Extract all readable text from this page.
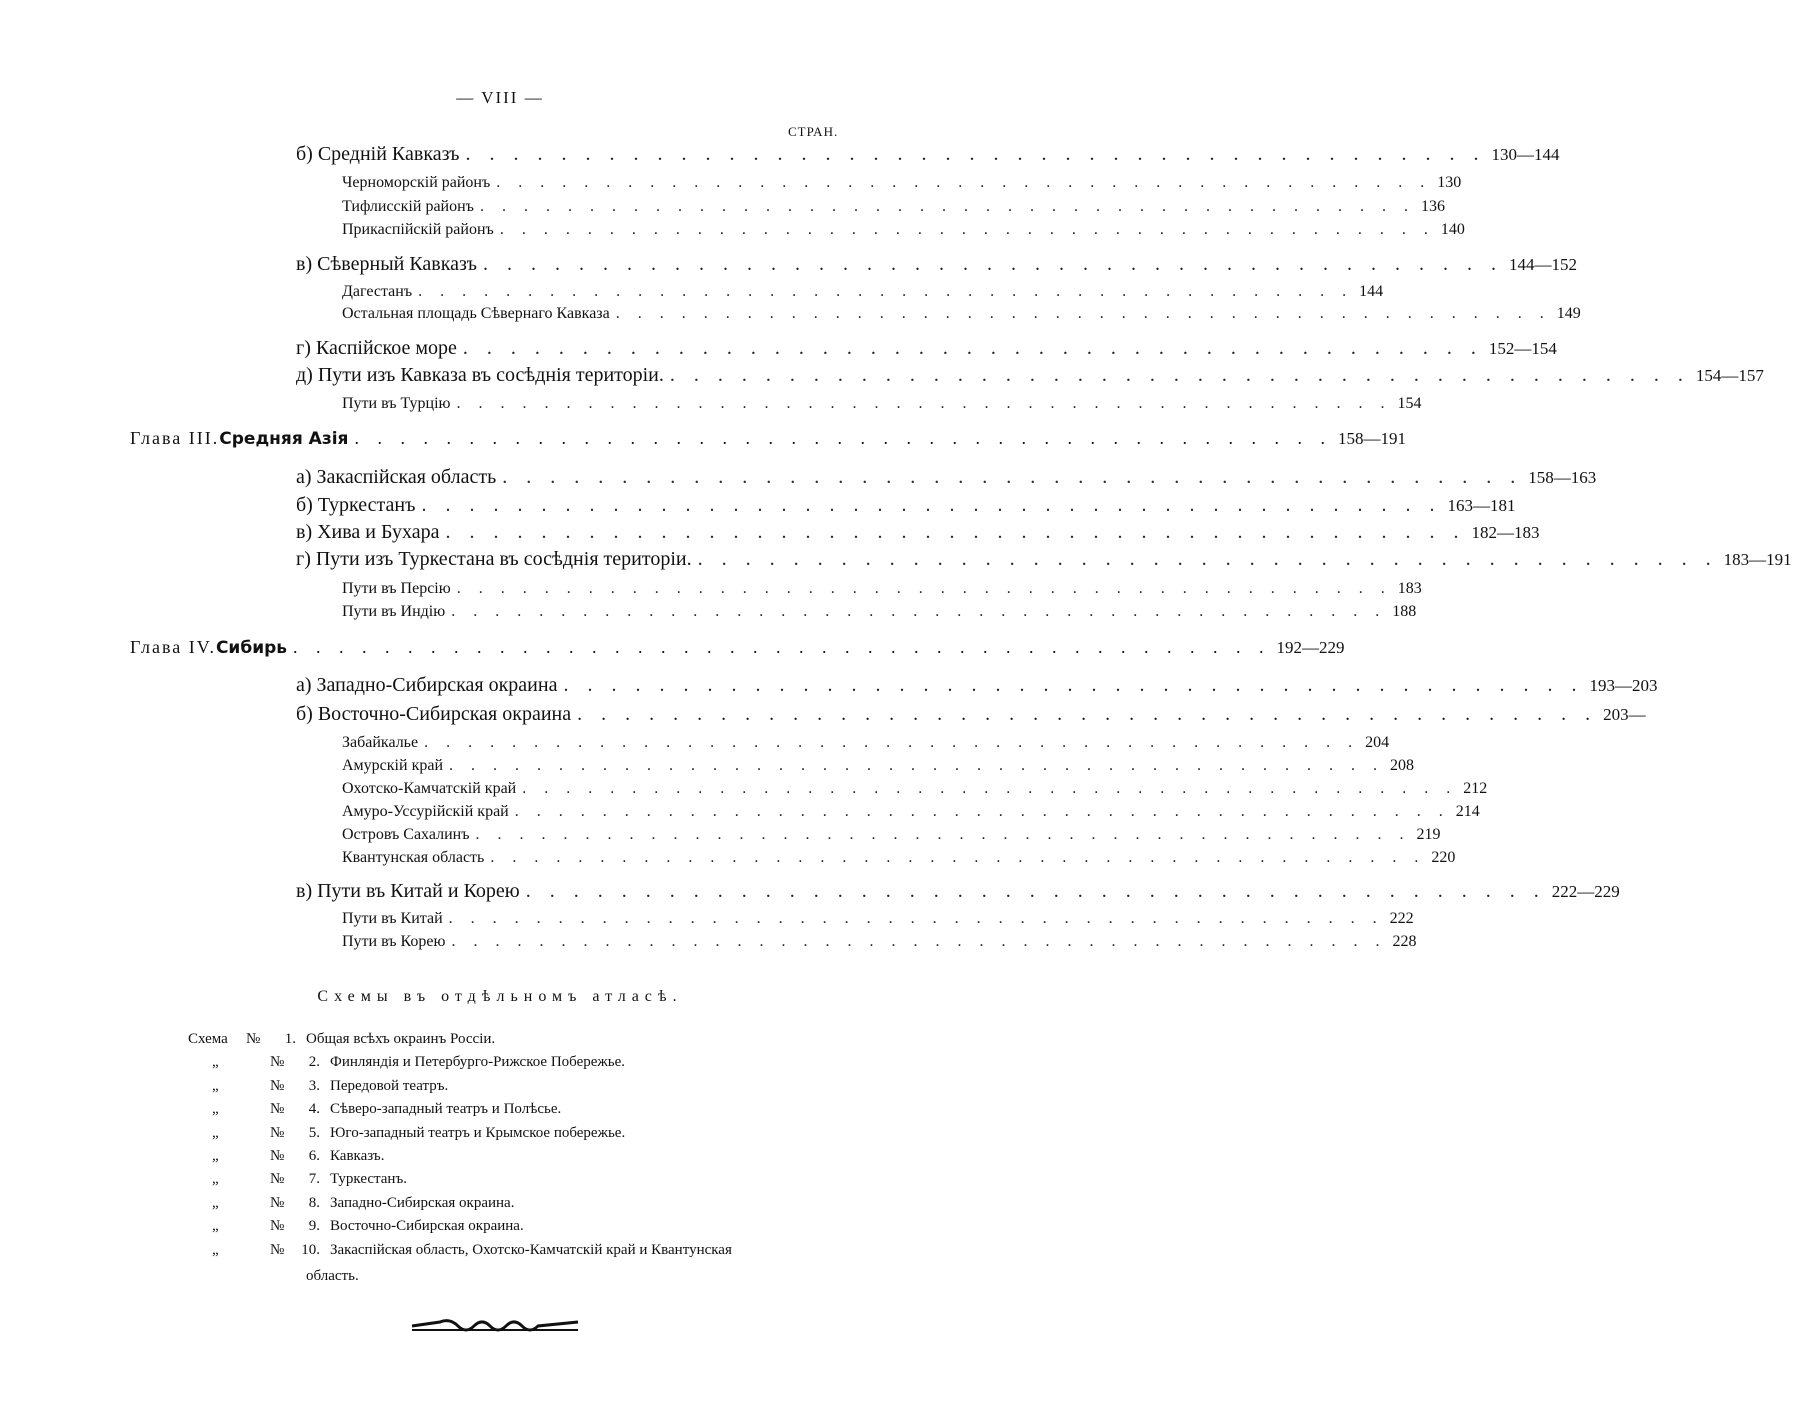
— VIII —
СТРАН.
б) Средній Кавказъ . . . . . . . . . . . . . . . . . . . . . . . . . . . . . . . . . . . . . . . . . . . 130—144
Черноморскій районъ . . . . . . . . . . . . . . . . . . . . . . . . . . . . . . . . . . . . . . . . . . . 130
Тифлисскій районъ . . . . . . . . . . . . . . . . . . . . . . . . . . . . . . . . . . . . . . . . . . . 136
Прикаспійскій районъ . . . . . . . . . . . . . . . . . . . . . . . . . . . . . . . . . . . . . . . . . . . 140
в) Сѣверный Кавказъ . . . . . . . . . . . . . . . . . . . . . . . . . . . . . . . . . . . . . . . . . . . 144—152
Дагестанъ . . . . . . . . . . . . . . . . . . . . . . . . . . . . . . . . . . . . . . . . . . . 144
Остальная площадь Сѣвернаго Кавказа . . . . . . . . . . . . . . . . . . . . . . . . . . . . . . . . . . . . . . . . . . . 149
г) Каспійское море . . . . . . . . . . . . . . . . . . . . . . . . . . . . . . . . . . . . . . . . . . . 152—154
д) Пути изъ Кавказа въ сосѣднія територіи. . . . . . . . . . . . . . . . . . . . . . . . . . . . . . . . . . . . . . . . . . . . 154—157
Пути въ Турцію . . . . . . . . . . . . . . . . . . . . . . . . . . . . . . . . . . . . . . . . . . . 154
Глава III. Средняя Азія . . . . . . . . . . . . . . . . . . . . . . . . . . . . . . . . . . . . . . . . . . . 158—191
а) Закаспійская область . . . . . . . . . . . . . . . . . . . . . . . . . . . . . . . . . . . . . . . . . . . 158—163
б) Туркестанъ . . . . . . . . . . . . . . . . . . . . . . . . . . . . . . . . . . . . . . . . . . . 163—181
в) Хива и Бухара . . . . . . . . . . . . . . . . . . . . . . . . . . . . . . . . . . . . . . . . . . . 182—183
г) Пути изъ Туркестана въ сосѣднія територіи. . . . . . . . . . . . . . . . . . . . . . . . . . . . . . . . . . . . . . . . . . . . 183—191
Пути въ Персію . . . . . . . . . . . . . . . . . . . . . . . . . . . . . . . . . . . . . . . . . . . 183
Пути въ Индію . . . . . . . . . . . . . . . . . . . . . . . . . . . . . . . . . . . . . . . . . . . 188
Глава IV. Сибирь . . . . . . . . . . . . . . . . . . . . . . . . . . . . . . . . . . . . . . . . . . . 192—229
а) Западно-Сибирская окраина . . . . . . . . . . . . . . . . . . . . . . . . . . . . . . . . . . . . . . . . . . . 193—203
б) Восточно-Сибирская окраина . . . . . . . . . . . . . . . . . . . . . . . . . . . . . . . . . . . . . . . . . . . 203—
Забайкалье . . . . . . . . . . . . . . . . . . . . . . . . . . . . . . . . . . . . . . . . . . . 204
Амурскій край . . . . . . . . . . . . . . . . . . . . . . . . . . . . . . . . . . . . . . . . . . . 208
Охотско-Камчатскій край . . . . . . . . . . . . . . . . . . . . . . . . . . . . . . . . . . . . . . . . . . . 212
Амуро-Уссурійскій край . . . . . . . . . . . . . . . . . . . . . . . . . . . . . . . . . . . . . . . . . . . 214
Островъ Сахалинъ . . . . . . . . . . . . . . . . . . . . . . . . . . . . . . . . . . . . . . . . . . . 219
Квантунская область . . . . . . . . . . . . . . . . . . . . . . . . . . . . . . . . . . . . . . . . . . . 220
в) Пути въ Китай и Корею . . . . . . . . . . . . . . . . . . . . . . . . . . . . . . . . . . . . . . . . . . . 222—229
Пути въ Китай . . . . . . . . . . . . . . . . . . . . . . . . . . . . . . . . . . . . . . . . . . . 222
Пути въ Корею . . . . . . . . . . . . . . . . . . . . . . . . . . . . . . . . . . . . . . . . . . . 228
Схемы въ отдѣльномъ атласѣ.
Схема	№	1. Общая всѣхъ окраинъ Россіи.
„	№	2. Финляндія и Петербурго-Рижское Побережье.
„	№	3. Передовой театръ.
„	№	4. Сѣверо-западный театръ и Полѣсье.
„	№	5. Юго-западный театръ и Крымское побережье.
„	№	6. Кавказъ.
„	№	7. Туркестанъ.
„	№	8. Западно-Сибирская окраина.
„	№	9. Восточно-Сибирская окраина.
„	№	10. Закаспійская область, Охотско-Камчатскій край и Квантунская
область.
